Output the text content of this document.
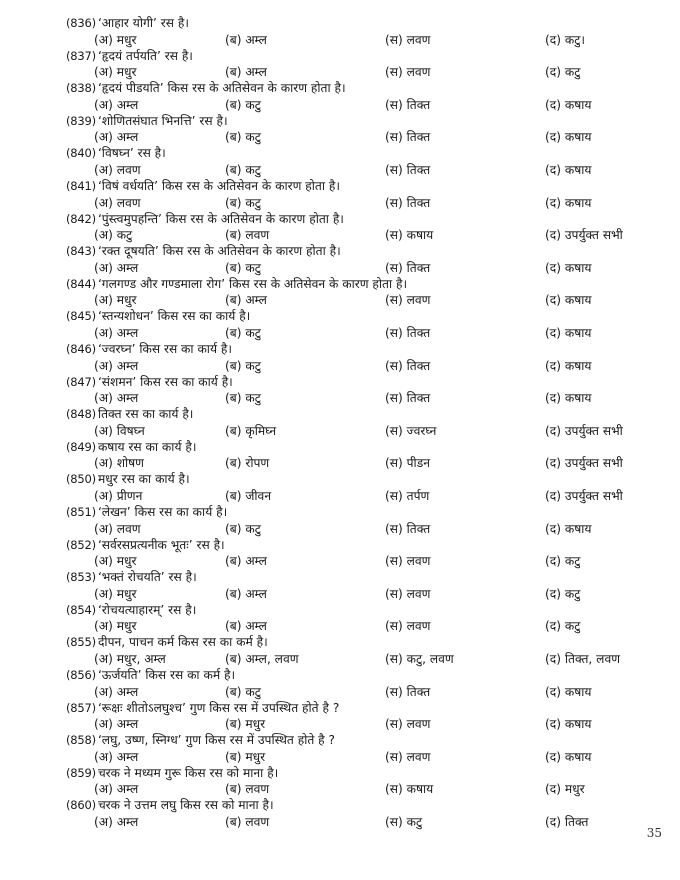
(836) ‘आहार योगी’ रस है।
(अ) मधुर	(ब) अम्ल	(स) लवण	(द) कटु।
(837) ‘हृदयं तर्पयति’ रस है।
(अ) मधुर	(ब) अम्ल	(स) लवण	(द) कटु
(838) ‘हृदयं पीडयति’ किस रस के अतिसेवन के कारण होता है।
(अ) अम्ल	(ब) कटु	(स) तिक्त	(द) कषाय
(839) ‘शोणितसंघात भिनत्ति’ रस है।
(अ) अम्ल	(ब) कटु	(स) तिक्त	(द) कषाय
(840) ‘विषघ्न’ रस है।
(अ) लवण	(ब) कटु	(स) तिक्त	(द) कषाय
(841) ‘विषं वर्धयति’ किस रस के अतिसेवन के कारण होता है।
(अ) लवण	(ब) कटु	(स) तिक्त	(द) कषाय
(842) ‘पुंस्त्वमुपहन्ति’ किस रस के अतिसेवन के कारण होता है।
(अ) कटु	(ब) लवण	(स) कषाय	(द) उपर्युक्त सभी
(843) ‘रक्त दूषयति’ किस रस के अतिसेवन के कारण होता है।
(अ) अम्ल	(ब) कटु	(स) तिक्त	(द) कषाय
(844) ‘गलगण्ड और गण्डमाला रोग’ किस रस के अतिसेवन के कारण होता है।
(अ) मधुर	(ब) अम्ल	(स) लवण	(द) कषाय
(845) ‘स्तन्यशोधन’ किस रस का कार्य है।
(अ) अम्ल	(ब) कटु	(स) तिक्त	(द) कषाय
(846) ‘ज्वरघ्न’ किस रस का कार्य है।
(अ) अम्ल	(ब) कटु	(स) तिक्त	(द) कषाय
(847) ‘संशमन’ किस रस का कार्य है।
(अ) अम्ल	(ब) कटु	(स) तिक्त	(द) कषाय
(848) तिक्त रस का कार्य है।
(अ) विषघ्न	(ब) कृमिघ्न	(स) ज्वरघ्न	(द) उपर्युक्त सभी
(849) कषाय रस का कार्य है।
(अ) शोषण	(ब) रोपण	(स) पीडन	(द) उपर्युक्त सभी
(850) मधुर रस का कार्य है।
(अ) प्रीणन	(ब) जीवन	(स) तर्पण	(द) उपर्युक्त सभी
(851) ‘लेखन’ किस रस का कार्य है।
(अ) लवण	(ब) कटु	(स) तिक्त	(द) कषाय
(852) ‘सर्वरसप्रत्यनीक भूतः’ रस है।
(अ) मधुर	(ब) अम्ल	(स) लवण	(द) कटु
(853) ‘भक्तं रोचयति’ रस है।
(अ) मधुर	(ब) अम्ल	(स) लवण	(द) कटु
(854) ‘रोचयत्याहारम्’ रस है।
(अ) मधुर	(ब) अम्ल	(स) लवण	(द) कटु
(855) दीपन, पाचन कर्म किस रस का कर्म है।
(अ) मधुर, अम्ल	(ब) अम्ल, लवण	(स) कटु, लवण	(द) तिक्त, लवण
(856) ‘ऊर्जयति’ किस रस का कर्म है।
(अ) अम्ल	(ब) कटु	(स) तिक्त	(द) कषाय
(857) ‘रूक्षः शीतोऽलघुश्च’ गुण किस रस में उपस्थित होते है ?
(अ) अम्ल	(ब) मधुर	(स) लवण	(द) कषाय
(858) ‘लघु, उष्ण, स्निग्ध’ गुण किस रस में उपस्थित होते है ?
(अ) अम्ल	(ब) मधुर	(स) लवण	(द) कषाय
(859) चरक ने मध्यम गुरू किस रस को माना है।
(अ) अम्ल	(ब) लवण	(स) कषाय	(द) मधुर
(860) चरक ने उत्तम लघु किस रस को माना है।
(अ) अम्ल	(ब) लवण	(स) कटु	(द) तिक्त
35
